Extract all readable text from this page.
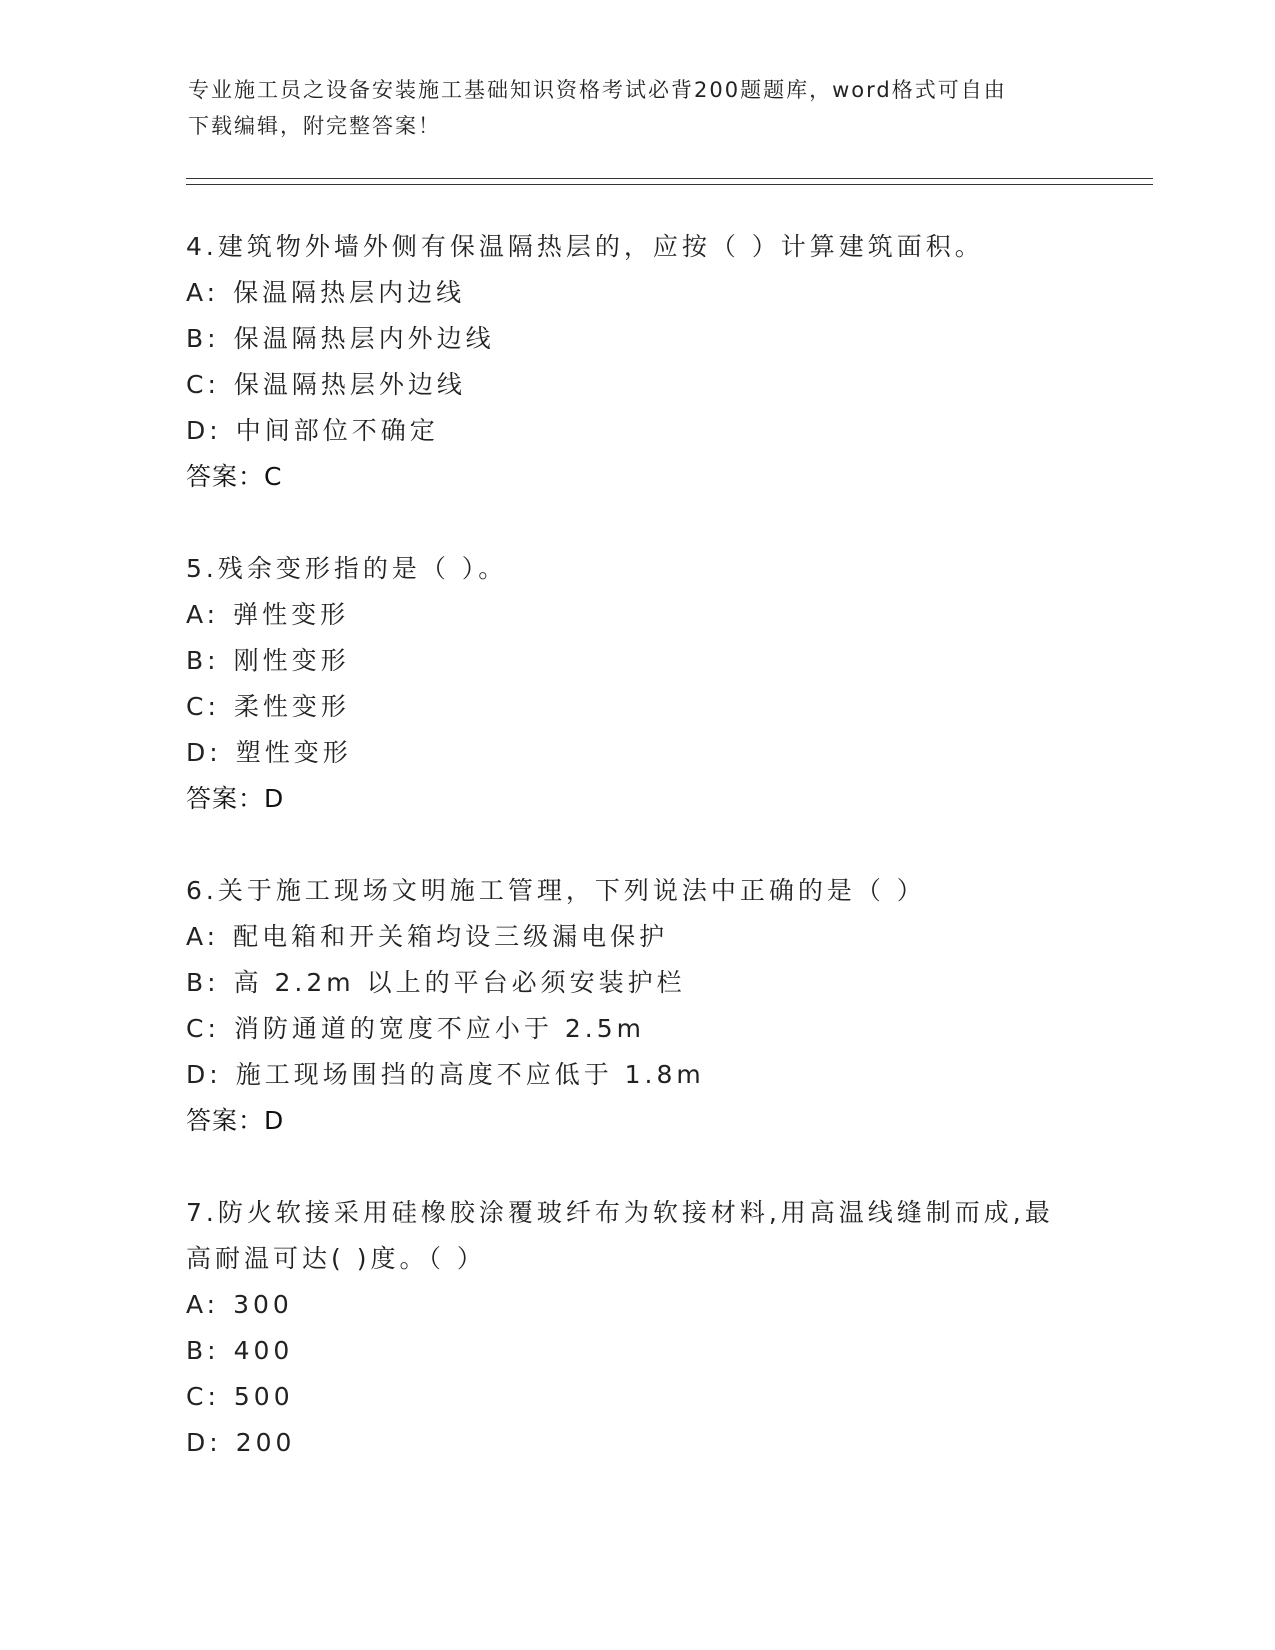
专业施工员之设备安装施工基础知识资格考试必背200题题库，word格式可自由
下载编辑，附完整答案！
4.建筑物外墙外侧有保温隔热层的，应按（ ）计算建筑面积。
A: 保温隔热层内边线
B: 保温隔热层内外边线
C: 保温隔热层外边线
D: 中间部位不确定
答案：C
5.残余变形指的是（ ）。
A: 弹性变形
B: 刚性变形
C: 柔性变形
D: 塑性变形
答案：D
6.关于施工现场文明施工管理，下列说法中正确的是（ ）
A: 配电箱和开关箱均设三级漏电保护
B: 高 2.2m 以上的平台必须安装护栏
C: 消防通道的宽度不应小于 2.5m
D: 施工现场围挡的高度不应低于 1.8m
答案：D
7.防火软接采用硅橡胶涂覆玻纤布为软接材料,用高温线缝制而成,最
高耐温可达( )度。（ ）
A: 300
B: 400
C: 500
D: 200
